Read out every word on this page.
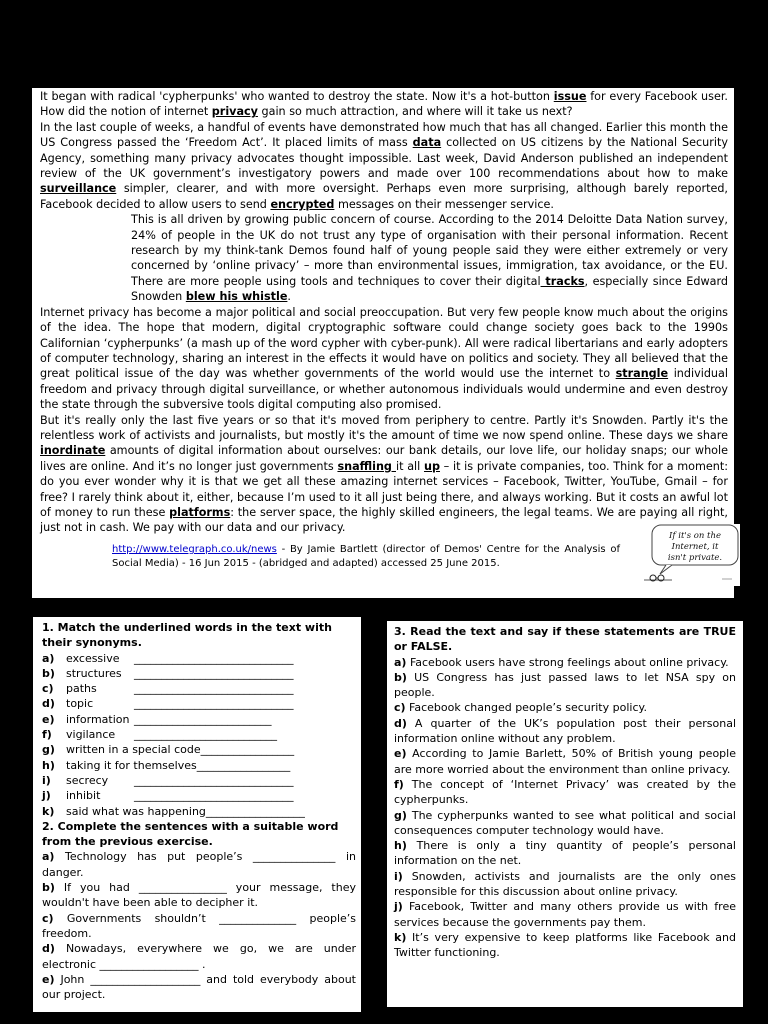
It began with radical 'cypherpunks' who wanted to destroy the state. Now it's a hot-button issue for every Facebook user. How did the notion of internet privacy gain so much attraction, and where will it take us next?

In the last couple of weeks, a handful of events have demonstrated how much that has all changed. Earlier this month the US Congress passed the ‘Freedom Act’. It placed limits of mass data collected on US citizens by the National Security Agency, something many privacy advocates thought impossible. Last week, David Anderson published an independent review of the UK government’s investigatory powers and made over 100 recommendations about how to make surveillance simpler, clearer, and with more oversight. Perhaps even more surprising, although barely reported, Facebook decided to allow users to send encrypted messages on their messenger service.

This is all driven by growing public concern of course. According to the 2014 Deloitte Data Nation survey, 24% of people in the UK do not trust any type of organisation with their personal information. Recent research by my think-tank Demos found half of young people said they were either extremely or very concerned by ‘online privacy’ – more than environmental issues, immigration, tax avoidance, or the EU. There are more people using tools and techniques to cover their digital tracks, especially since Edward Snowden blew his whistle.

Internet privacy has become a major political and social preoccupation. But very few people know much about the origins of the idea. The hope that modern, digital cryptographic software could change society goes back to the 1990s Californian ‘cypherpunks’ (a mash up of the word cypher with cyber-punk). All were radical libertarians and early adopters of computer technology, sharing an interest in the effects it would have on politics and society. They all believed that the great political issue of the day was whether governments of the world would use the internet to strangle individual freedom and privacy through digital surveillance, or whether autonomous individuals would undermine and even destroy the state through the subversive tools digital computing also promised.

But it's really only the last five years or so that it's moved from periphery to centre. Partly it's Snowden. Partly it's the relentless work of activists and journalists, but mostly it's the amount of time we now spend online. These days we share inordinate amounts of digital information about ourselves: our bank details, our love life, our holiday snaps; our whole lives are online. And it’s no longer just governments snaffling it all up – it is private companies, too. Think for a moment: do you ever wonder why it is that we get all these amazing internet services – Facebook, Twitter, YouTube, Gmail – for free? I rarely think about it, either, because I’m used to it all just being there, and always working. But it costs an awful lot of money to run these platforms: the server space, the highly skilled engineers, the legal teams. We are paying all right, just not in cash. We pay with our data and our privacy.

http://www.telegraph.co.uk/news - By Jamie Bartlett (director of Demos' Centre for the Analysis of Social Media) - 16 Jun 2015 - (abridged and adapted) accessed 25 June 2015.
If it's on the
Internet, it
isn't private.

1. Match the underlined words in the text with their synonyms.

a)	excessive	_____________________________
b)	structures	_____________________________
c)	paths	_____________________________
d)	topic	_____________________________
e)	information _________________________
f)	vigilance	__________________________
g)	written in a special code _________________
h)	taking it for themselves _________________
i)	secrecy	_____________________________
j)	inhibit	_____________________________
k)	said what was happening __________________

2. Complete the sentences with a suitable word from the previous exercise.

a) Technology has put people’s _______________ in danger.

b) If you had ________________ your message, they wouldn't have been able to decipher it.

c) Governments shouldn’t ______________ people’s freedom.

d) Nowadays, everywhere we go, we are under electronic __________________ .

e) John ____________________ and told everybody about our project.

3. Read the text and say if these statements are TRUE or FALSE.

a) Facebook users have strong feelings about online privacy.

b) US Congress has just passed laws to let NSA spy on people.

c) Facebook changed people’s security policy.

d) A quarter of the UK’s population post their personal information online without any problem.

e) According to Jamie Barlett, 50% of British young people are more worried about the environment than online privacy.

f) The concept of ‘Internet Privacy’ was created by the cypherpunks.

g) The cypherpunks wanted to see what political and social consequences computer technology would have.

h) There is only a tiny quantity of people’s personal information on the net.

i) Snowden, activists and journalists are the only ones responsible for this discussion about online privacy.

j) Facebook, Twitter and many others provide us with free services because the governments pay them.

k) It’s very expensive to keep platforms like Facebook and Twitter functioning.
